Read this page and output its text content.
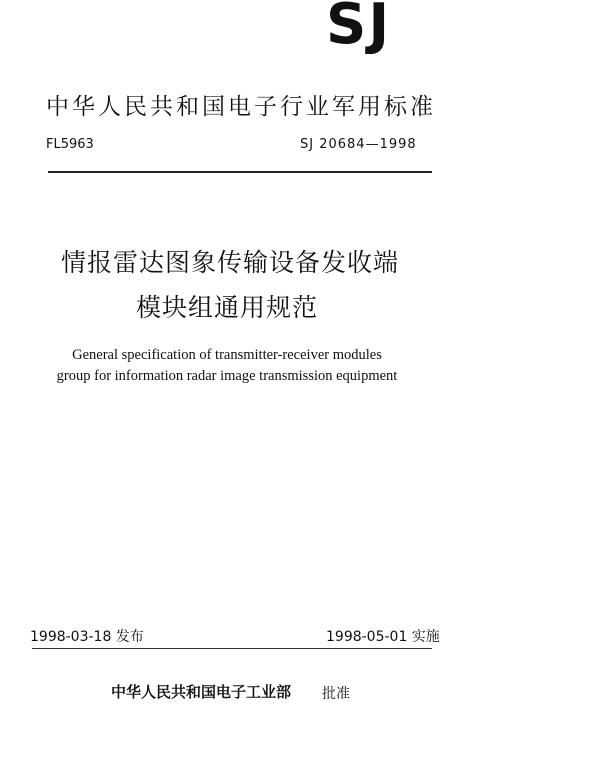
SJ
中华人民共和国电子行业军用标准
FL5963	SJ 20684—1998
情报雷达图象传输设备发收端
模块组通用规范
General specification of transmitter-receiver modules
group for information radar image transmission equipment
1998-03-18 发布	1998-05-01 实施
中华人民共和国电子工业部 批准
